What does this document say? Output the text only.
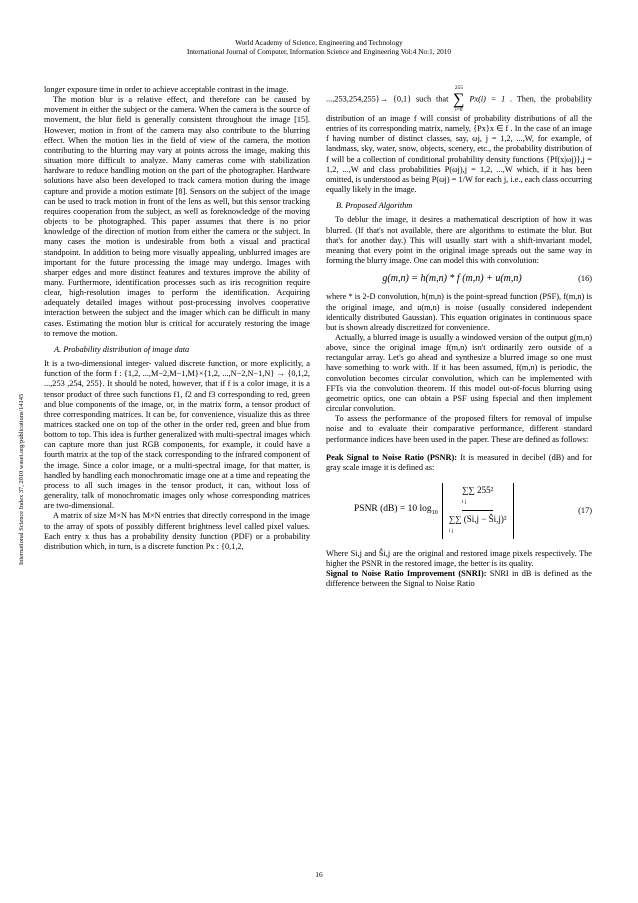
World Academy of Science, Engineering and Technology
International Journal of Computer, Information Science and Engineering Vol:4 No:1, 2010
International Science Index 37, 2010 waset.org/publications/14145

longer exposure time in order to achieve acceptable contrast in the image.

The motion blur is a relative effect, and therefore can be caused by movement in either the subject or the camera. When the camera is the source of movement, the blur field is generally consistent throughout the image [15]. However, motion in front of the camera may also contribute to the blurring effect. When the motion lies in the field of view of the camera, the motion contributing to the blurring may vary at points across the image, making this situation more difficult to analyze. Many cameras come with stabilization hardware to reduce handling motion on the part of the photographer. Hardware solutions have also been developed to track camera motion during the image capture and provide a motion estimate [8]. Sensors on the subject of the image can be used to track motion in front of the lens as well, but this sensor tracking requires cooperation from the subject, as well as foreknowledge of the moving objects to be photographed. This paper assumes that there is no prior knowledge of the direction of motion from either the camera or the subject. In many cases the motion is undesirable from both a visual and practical standpoint. In addition to being more visually appealing, unblurred images are important for the future processing the image may undergo. Images with sharper edges and more distinct features and textures improve the ability of many. Furthermore, identification processes such as iris recognition require clear, high-resolution images to perform the identification. Acquiring adequately detailed images without post-processing involves cooperative interaction between the subject and the imager which can be difficult in many cases. Estimating the motion blur is critical for accurately restoring the image to remove the motion.

A. Probability distribution of image data

It is a two-dimensional integer- valued discrete function, or more explicitly, a function of the form f : {1,2, ...,M−2,M−1,M}×{1,2, ...,N−2,N−1,N} → {0,1,2, ...,253 ,254, 255}. It should be noted, however, that if f is a color image, it is a tensor product of three such functions f1, f2 and f3 corresponding to red, green and blue components of the image, or, in the matrix form, a tensor product of three corresponding matrices. It can be, for convenience, visualize this as three matrices stacked one on top of the other in the order red, green and blue from bottom to top. This idea is further generalized with multi-spectral images which can capture more than just RGB components, for example, it could have a fourth matrix at the top of the stack corresponding to the infrared component of the image. Since a color image, or a multi-spectral image, for that matter, is handled by handling each monochromatic image one at a time and repeating the process to all such images in the tensor product, it can, without loss of generality, talk of monochromatic images only whose corresponding matrices are two-dimensional.

A matrix of size M×N has M×N entries that directly correspond in the image to the array of spots of possibly different brightness level called pixel values. Each entry x thus has a probability density function (PDF) or a probability distribution which, in turn, is a discrete function Px : {0,1,2,

...,253,254,255}→ {0,1} such that
255
∑
i=0
Px(i) = 1 . Then, the probability distribution of an image f will consist of probability distributions of all the entries of its corresponding matrix, namely, {Px}x ∈ f . In the case of an image f having number of distinct classes, say, ωj, j = 1,2, ...,W, for example, of landmass, sky, water, snow, objects, scenery, etc., the probability distribution of f will be a collection of conditional probability density functions {Pf(x|ωj)},j = 1,2, ...,W and class probabilities P(ωj),j = 1,2, ...,W which, if it has been omitted, is understood as being P(ωj) = 1/W for each j, i.e., each class occurring equally likely in the image.

B. Proposed Algorithm

To deblur the image, it desires a mathematical description of how it was blurred. (If that's not available, there are algorithms to estimate the blur. But that's for another day.) This will usually start with a shift-invariant model, meaning that every point in the original image spreads out the same way in forming the blurry image. One can model this with convolution:

g(m,n) = h(m,n) * f (m,n) + u(m,n)	(16)

where * is 2-D convolution, h(m,n) is the point-spread function (PSF), f(m,n) is the original image, and u(m,n) is noise (usually considered independent identically distributed Gaussian). This equation originates in continuous space but is shown already discretized for convenience.

Actually, a blurred image is usually a windowed version of the output g(m,n) above, since the original image f(m,n) isn't ordinarily zero outside of a rectangular array. Let's go ahead and synthesize a blurred image so one must have something to work with. If it has been assumed, f(m,n) is periodic, the convolution becomes circular convolution, which can be implemented with FFTs via the convolution theorem. If this model out-of-focus blurring using geometric optics, one can obtain a PSF using fspecial and then implement circular convolution.

To assess the performance of the proposed filters for removal of impulse noise and to evaluate their comparative performance, different standard performance indices have been used in the paper. These are defined as follows:

Peak Signal to Noise Ratio (PSNR): It is measured in decibel (dB) and for gray scale image it is defined as:

PSNR (dB) = 10 $\log_{10}$
∑∑ 255²
i j
∑∑ (Si,j − Ŝi,j)²
i j
(17)

Where Si,j and Ŝi,j are the original and restored image pixels respectively. The higher the PSNR in the restored image, the better is its quality.

Signal to Noise Ratio Improvement (SNRI): SNRI in dB is defined as the difference between the Signal to Noise Ratio

16
